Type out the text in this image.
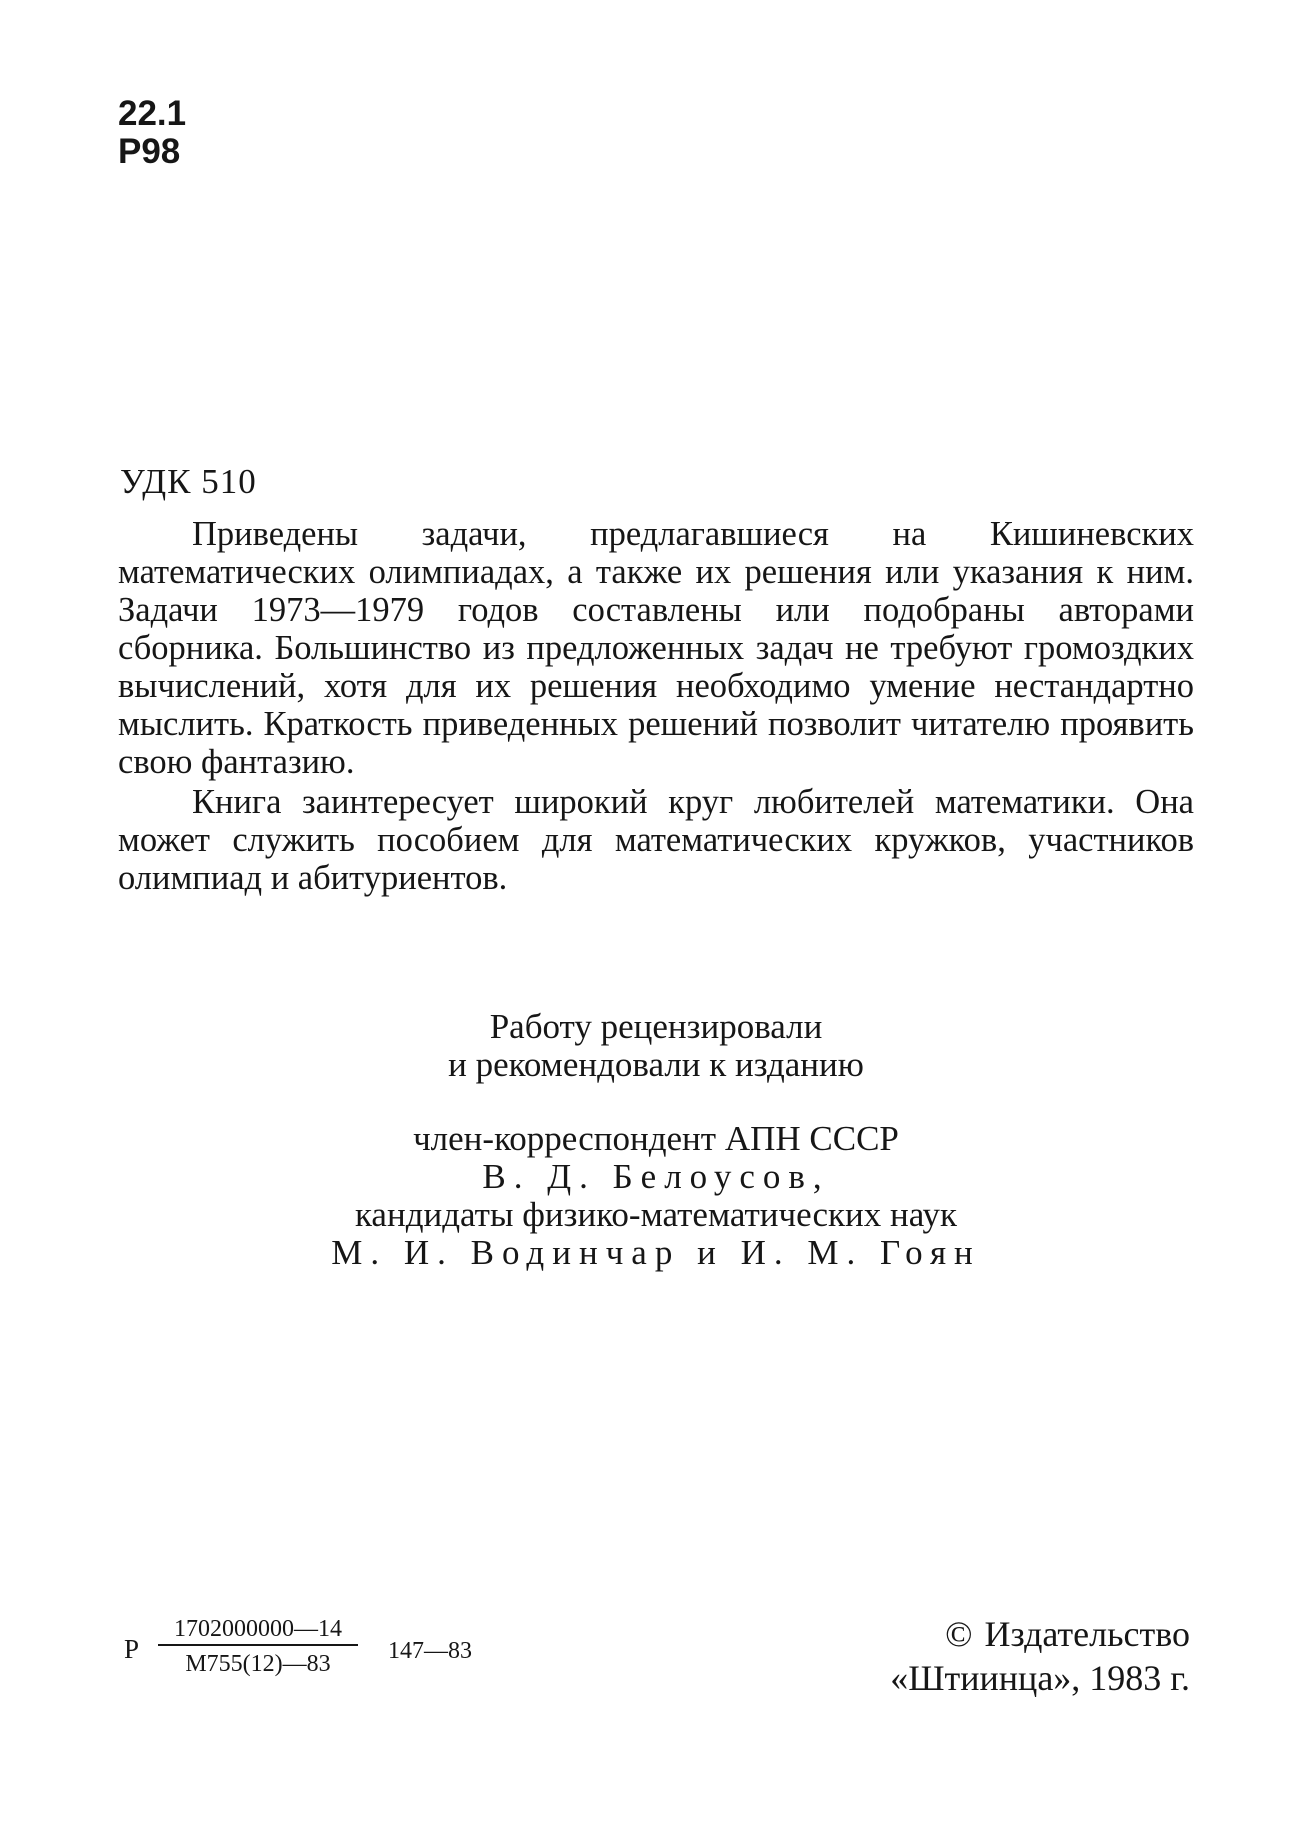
22.1
Р98
УДК 510

Приведены задачи, предлагавшиеся на Кишиневских математических олимпиадах, а также их решения или указания к ним. Задачи 1973—1979 годов составлены или подобраны авторами сборника. Большинство из предложенных задач не требуют громоздких вычислений, хотя для их решения необходимо умение нестандартно мыслить. Краткость приведенных решений позволит читателю проявить свою фантазию.

Книга заинтересует широкий круг любителей математики. Она может служить пособием для математических кружков, участников олимпиад и абитуриентов.

Работу рецензировали
и рекомендовали к изданию
член-корреспондент АПН СССР
В. Д. Белоусов,
кандидаты физико-математических наук
М. И. Водинчар и И. М. Гоян
Р
1702000000—14
М755(12)—83	147—83	© Издательство
«Штиинца», 1983 г.
